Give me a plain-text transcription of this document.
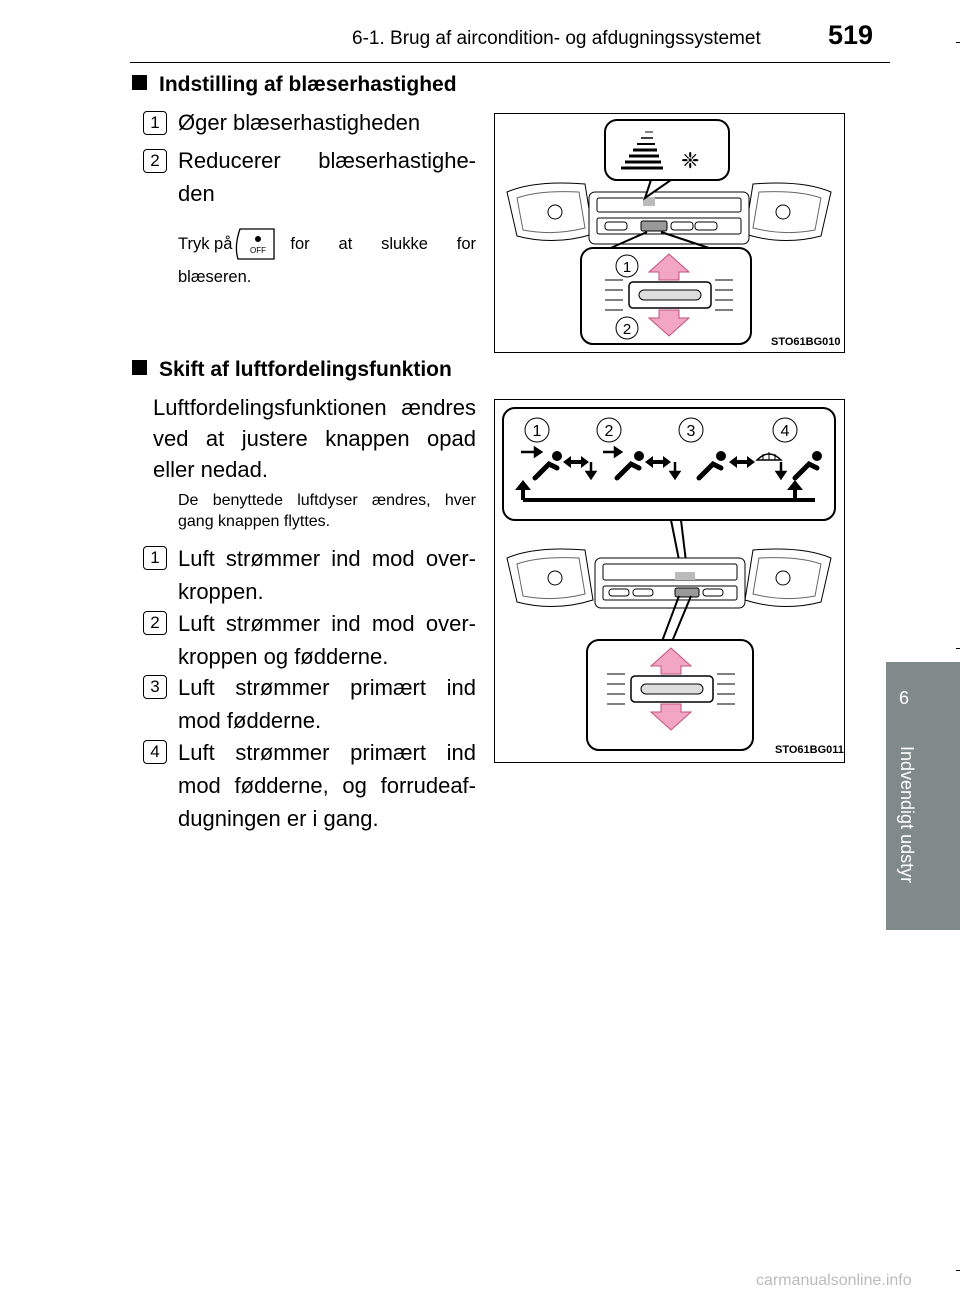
6-1. Brug af aircondition- og afdugningssystemet 519
6
Indvendigt udstyr
Indstilling af blæserhastighed
1 Øger blæserhastigheden
2 Reducerer blæserhastighe-
den
Tryk på OFF for at slukke for
blæseren.
❈
1
2
STO61BG010
Skift af luftfordelingsfunktion
Luftfordelingsfunktionen ændres ved at justere knappen opad eller nedad.
De benyttede luftdyser ændres, hver gang knappen flyttes.
1 Luft strømmer ind mod over-
kroppen.
2 Luft strømmer ind mod over-
kroppen og fødderne.
3 Luft strømmer primært ind
mod fødderne.
4 Luft strømmer primært ind
mod fødderne, og forrudeaf-
dugningen er i gang.
1	2	3	4
STO61BG011
carmanualsonline.info
